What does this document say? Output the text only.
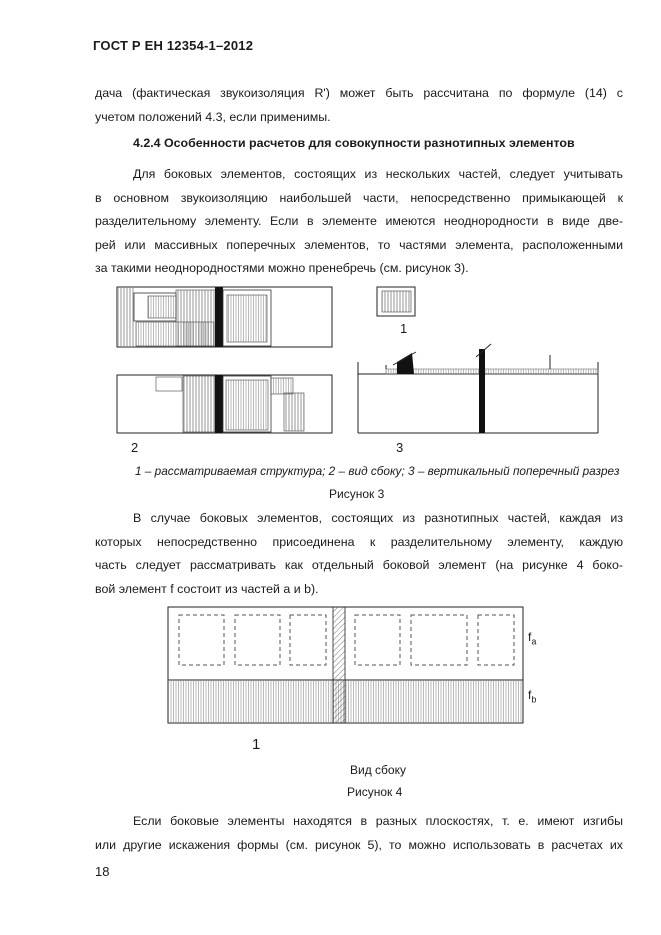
ГОСТ Р ЕН 12354-1–2012
дача (фактическая звукоизоляция R') может быть рассчитана по формуле (14) с
учетом положений 4.3, если применимы.
4.2.4 Особенности расчетов для совокупности разнотипных элементов
Для боковых элементов, состоящих из нескольких частей, следует учитывать
в основном звукоизоляцию наибольшей части, непосредственно примыкающей к
разделительному элементу. Если в элементе имеются неоднородности в виде две-
рей или массивных поперечных элементов, то частями элемента, расположенными
за такими неоднородностями можно пренебречь (см. рисунок 3).
1
2	3
1 – рассматриваемая структура; 2 – вид сбоку; 3 – вертикальный поперечный разрез
Рисунок 3
В случае боковых элементов, состоящих из разнотипных частей, каждая из
которых непосредственно присоединена к разделительному элементу, каждую
часть следует рассматривать как отдельный боковой элемент (на рисунке 4 боко-
вой элемент f состоит из частей a и b).
$f_a$
$f_b$
1
Вид сбоку
Рисунок 4
Если боковые элементы находятся в разных плоскостях, т. е. имеют изгибы
или другие искажения формы (см. рисунок 5), то можно использовать в расчетах их
18
